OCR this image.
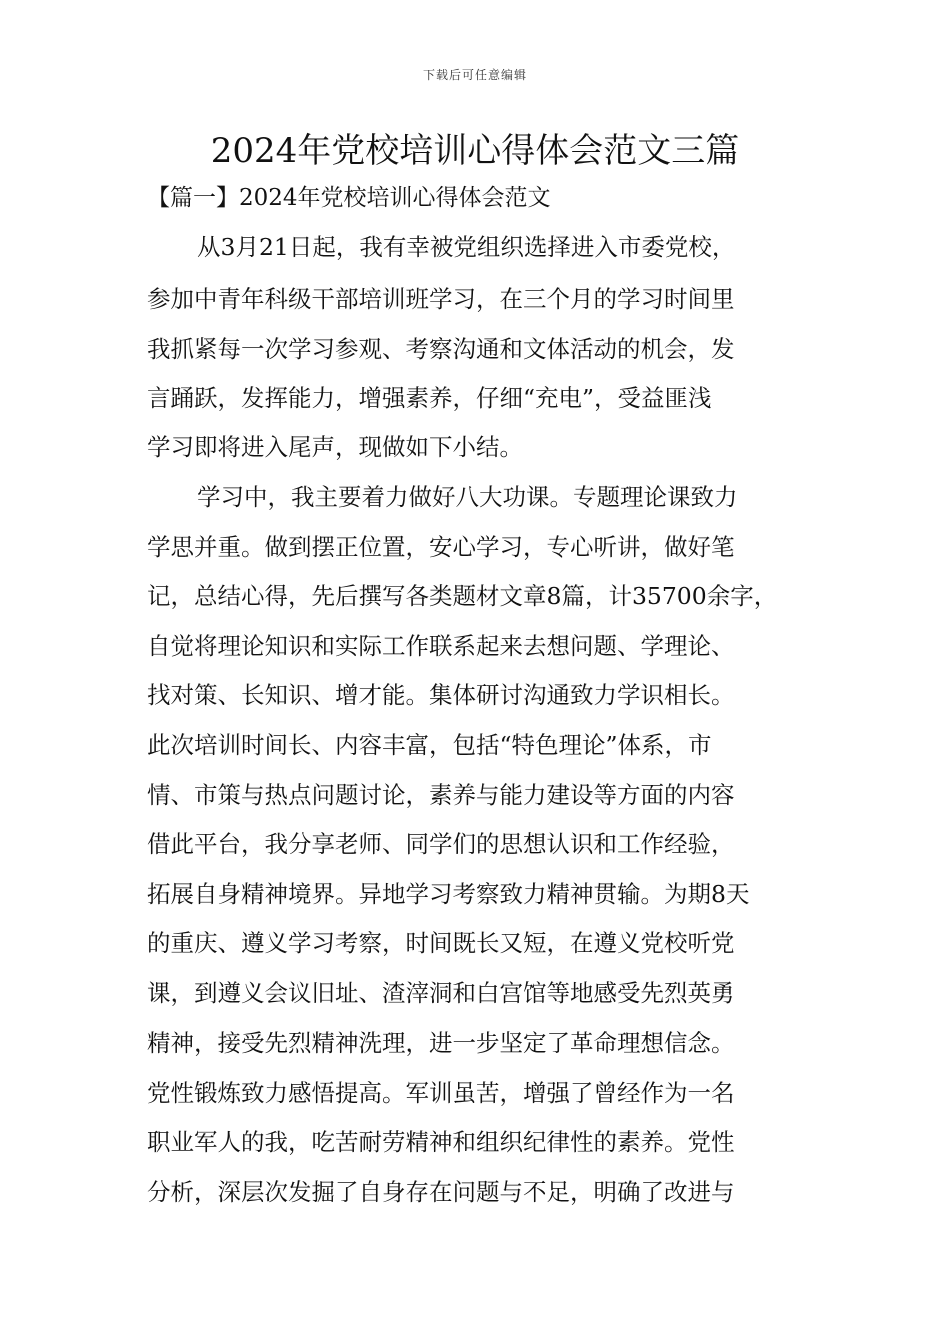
下载后可任意编辑
2024年党校培训心得体会范文三篇
【篇一】2024年党校培训心得体会范文
从3月21日起，我有幸被党组织选择进入市委党校，
参加中青年科级干部培训班学习，在三个月的学习时间里
我抓紧每一次学习参观、考察沟通和文体活动的机会，发
言踊跃，发挥能力，增强素养，仔细“充电”，受益匪浅
学习即将进入尾声，现做如下小结。
学习中，我主要着力做好八大功课。专题理论课致力
学思并重。做到摆正位置，安心学习，专心听讲，做好笔
记，总结心得，先后撰写各类题材文章8篇，计35700余字，
自觉将理论知识和实际工作联系起来去想问题、学理论、
找对策、长知识、增才能。集体研讨沟通致力学识相长。
此次培训时间长、内容丰富，包括“特色理论”体系，市
情、市策与热点问题讨论，素养与能力建设等方面的内容
借此平台，我分享老师、同学们的思想认识和工作经验，
拓展自身精神境界。异地学习考察致力精神贯输。为期8天
的重庆、遵义学习考察，时间既长又短，在遵义党校听党
课，到遵义会议旧址、渣滓洞和白宫馆等地感受先烈英勇
精神，接受先烈精神洗理，进一步坚定了革命理想信念。
党性锻炼致力感悟提高。军训虽苦，增强了曾经作为一名
职业军人的我，吃苦耐劳精神和组织纪律性的素养。党性
分析，深层次发掘了自身存在问题与不足，明确了改进与
